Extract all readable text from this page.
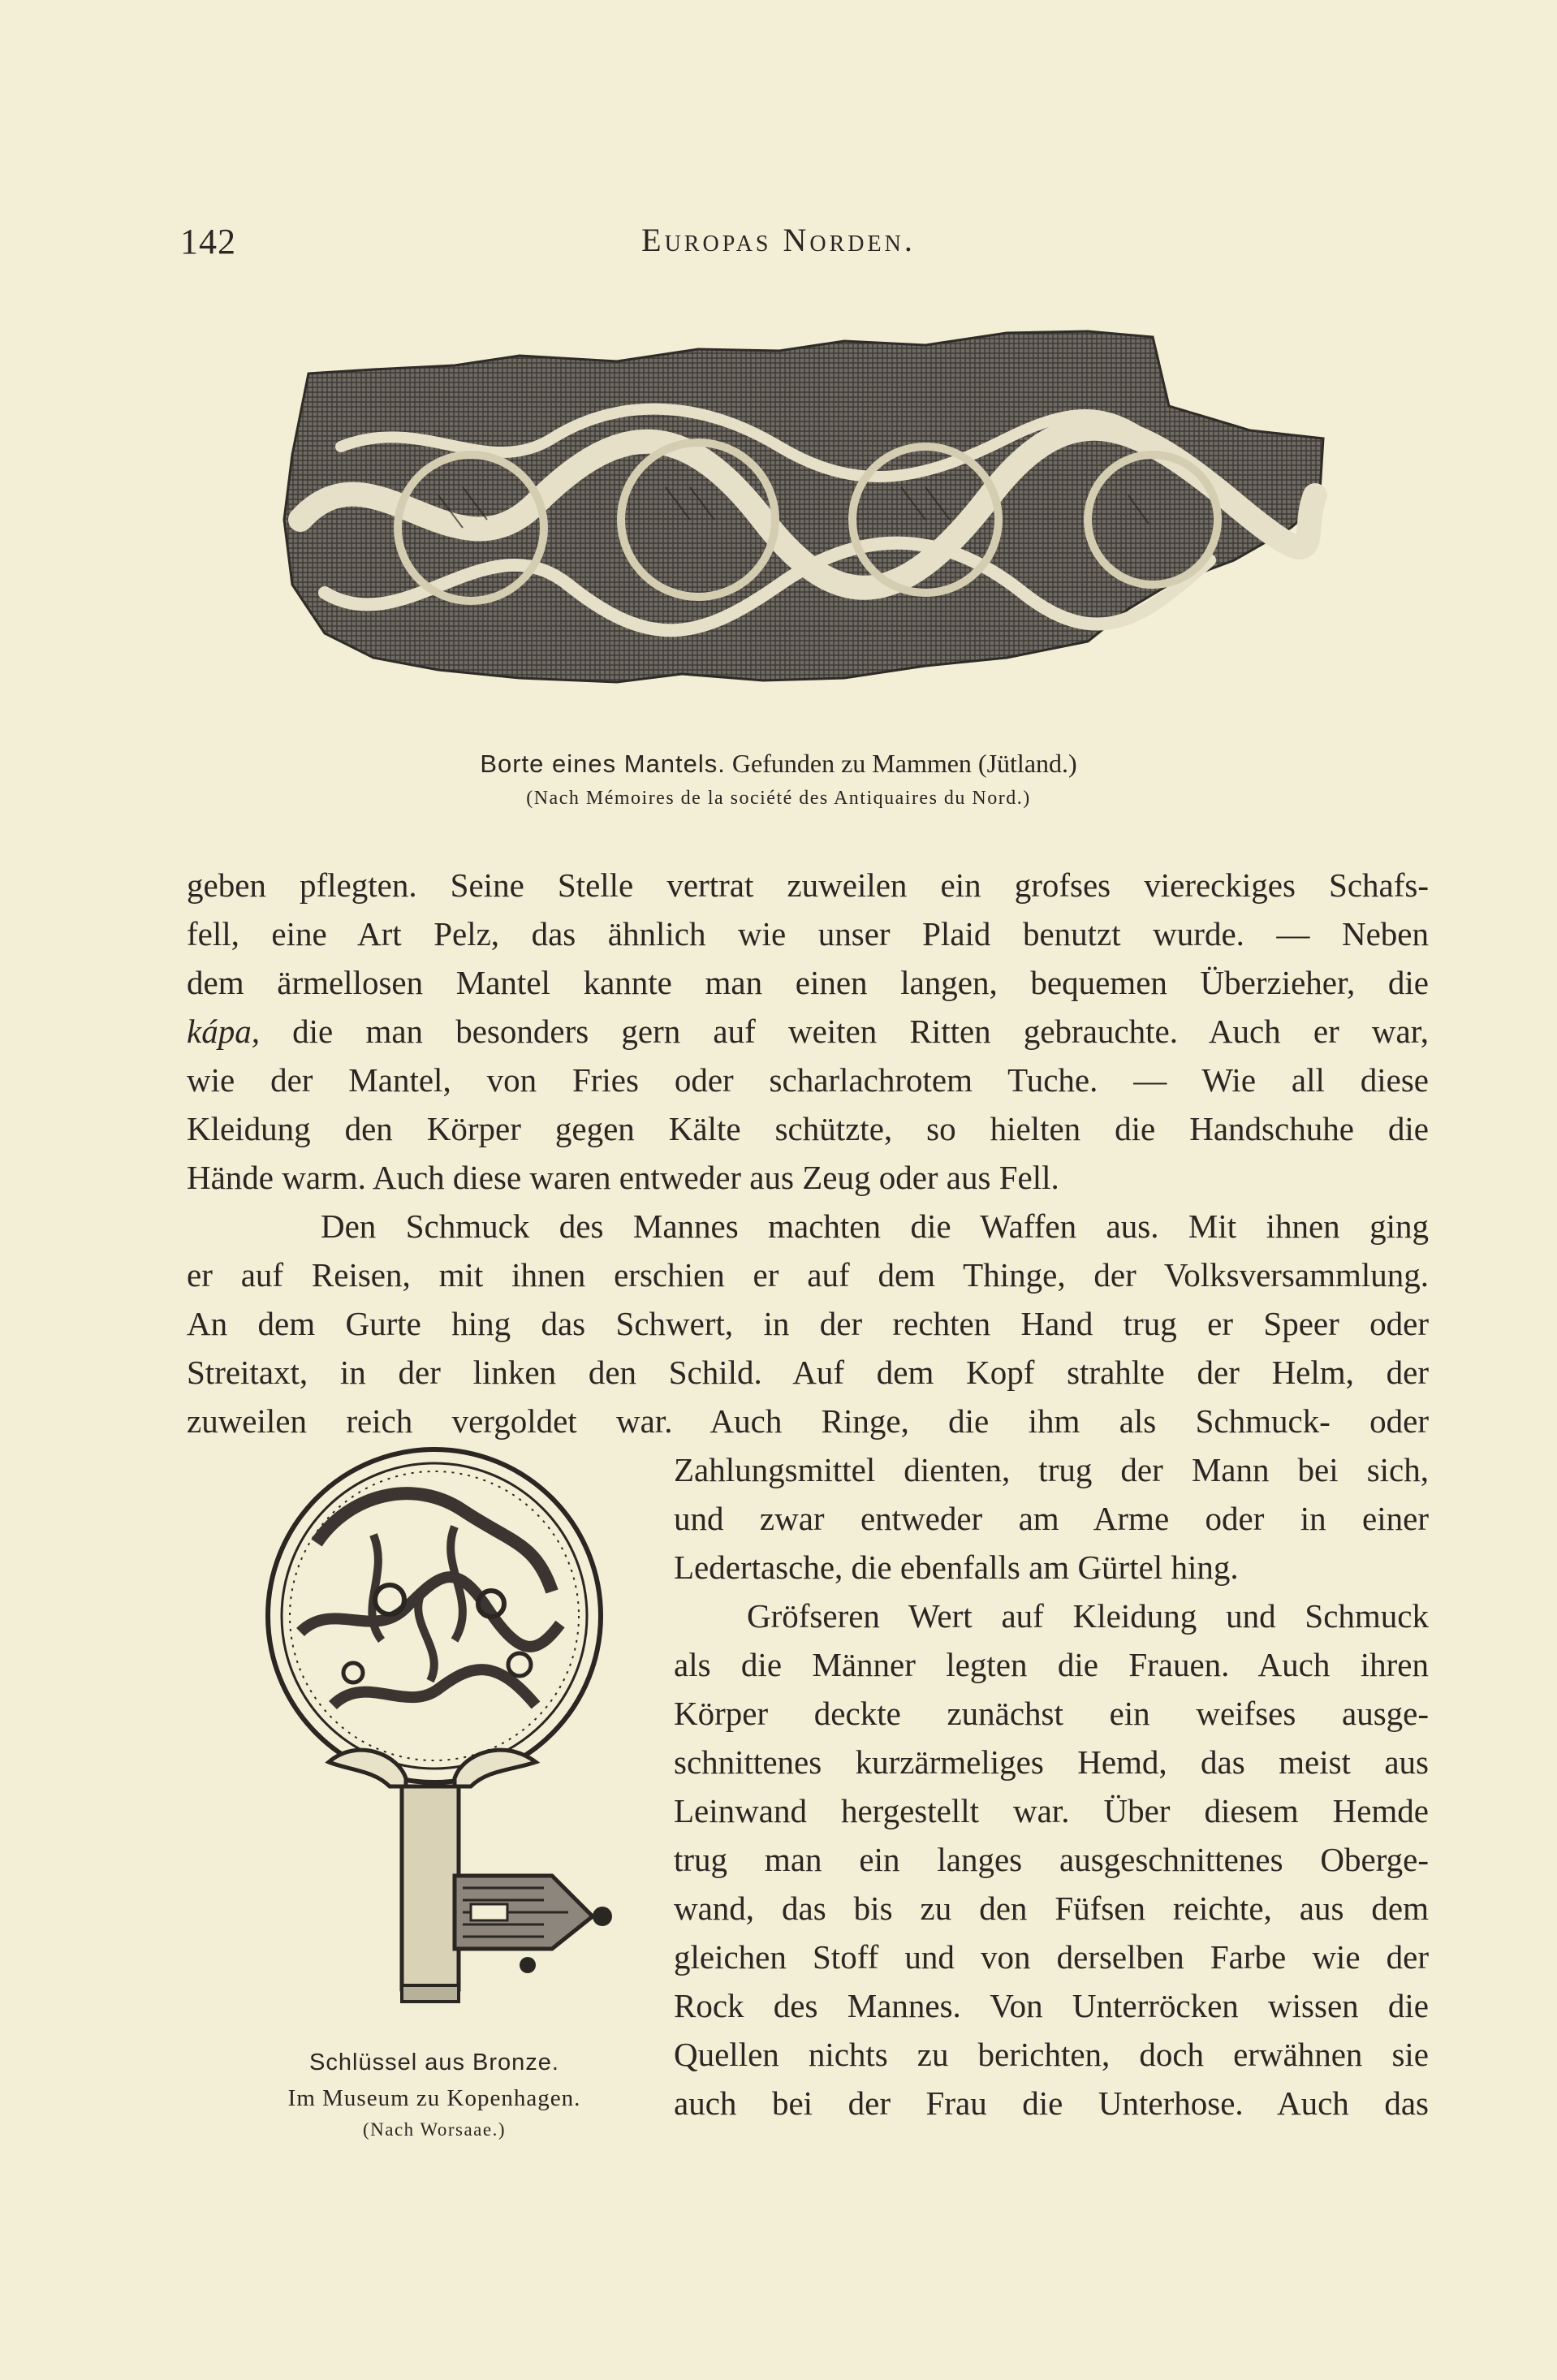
142	Europas Norden.
Borte eines Mantels. Gefunden zu Mammen (Jütland.)
(Nach Mémoires de la société des Antiquaires du Nord.)
geben pflegten. Seine Stelle vertrat zuweilen ein grofses viereckiges Schafs-
fell, eine Art Pelz, das ähnlich wie unser Plaid benutzt wurde. — Neben
dem ärmellosen Mantel kannte man einen langen, bequemen Überzieher, die
kápa, die man besonders gern auf weiten Ritten gebrauchte. Auch er war,
wie der Mantel, von Fries oder scharlachrotem Tuche. — Wie all diese
Kleidung den Körper gegen Kälte schützte, so hielten die Handschuhe die
Hände warm. Auch diese waren entweder aus Zeug oder aus Fell.
Den Schmuck des Mannes machten die Waffen aus. Mit ihnen ging
er auf Reisen, mit ihnen erschien er auf dem Thinge, der Volksversammlung.
An dem Gurte hing das Schwert, in der rechten Hand trug er Speer oder
Streitaxt, in der linken den Schild. Auf dem Kopf strahlte der Helm, der
zuweilen reich vergoldet war. Auch Ringe, die ihm als Schmuck- oder
Zahlungsmittel dienten, trug der Mann bei sich,
und zwar entweder am Arme oder in einer
Ledertasche, die ebenfalls am Gürtel hing.
Gröfseren Wert auf Kleidung und Schmuck
als die Männer legten die Frauen. Auch ihren
Körper deckte zunächst ein weifses ausge-
schnittenes kurzärmeliges Hemd, das meist aus
Leinwand hergestellt war. Über diesem Hemde
trug man ein langes ausgeschnittenes Oberge-
wand, das bis zu den Füfsen reichte, aus dem
gleichen Stoff und von derselben Farbe wie der
Rock des Mannes. Von Unterröcken wissen die
Quellen nichts zu berichten, doch erwähnen sie
auch bei der Frau die Unterhose. Auch das
Schlüssel aus Bronze.
Im Museum zu Kopenhagen.
(Nach Worsaae.)
